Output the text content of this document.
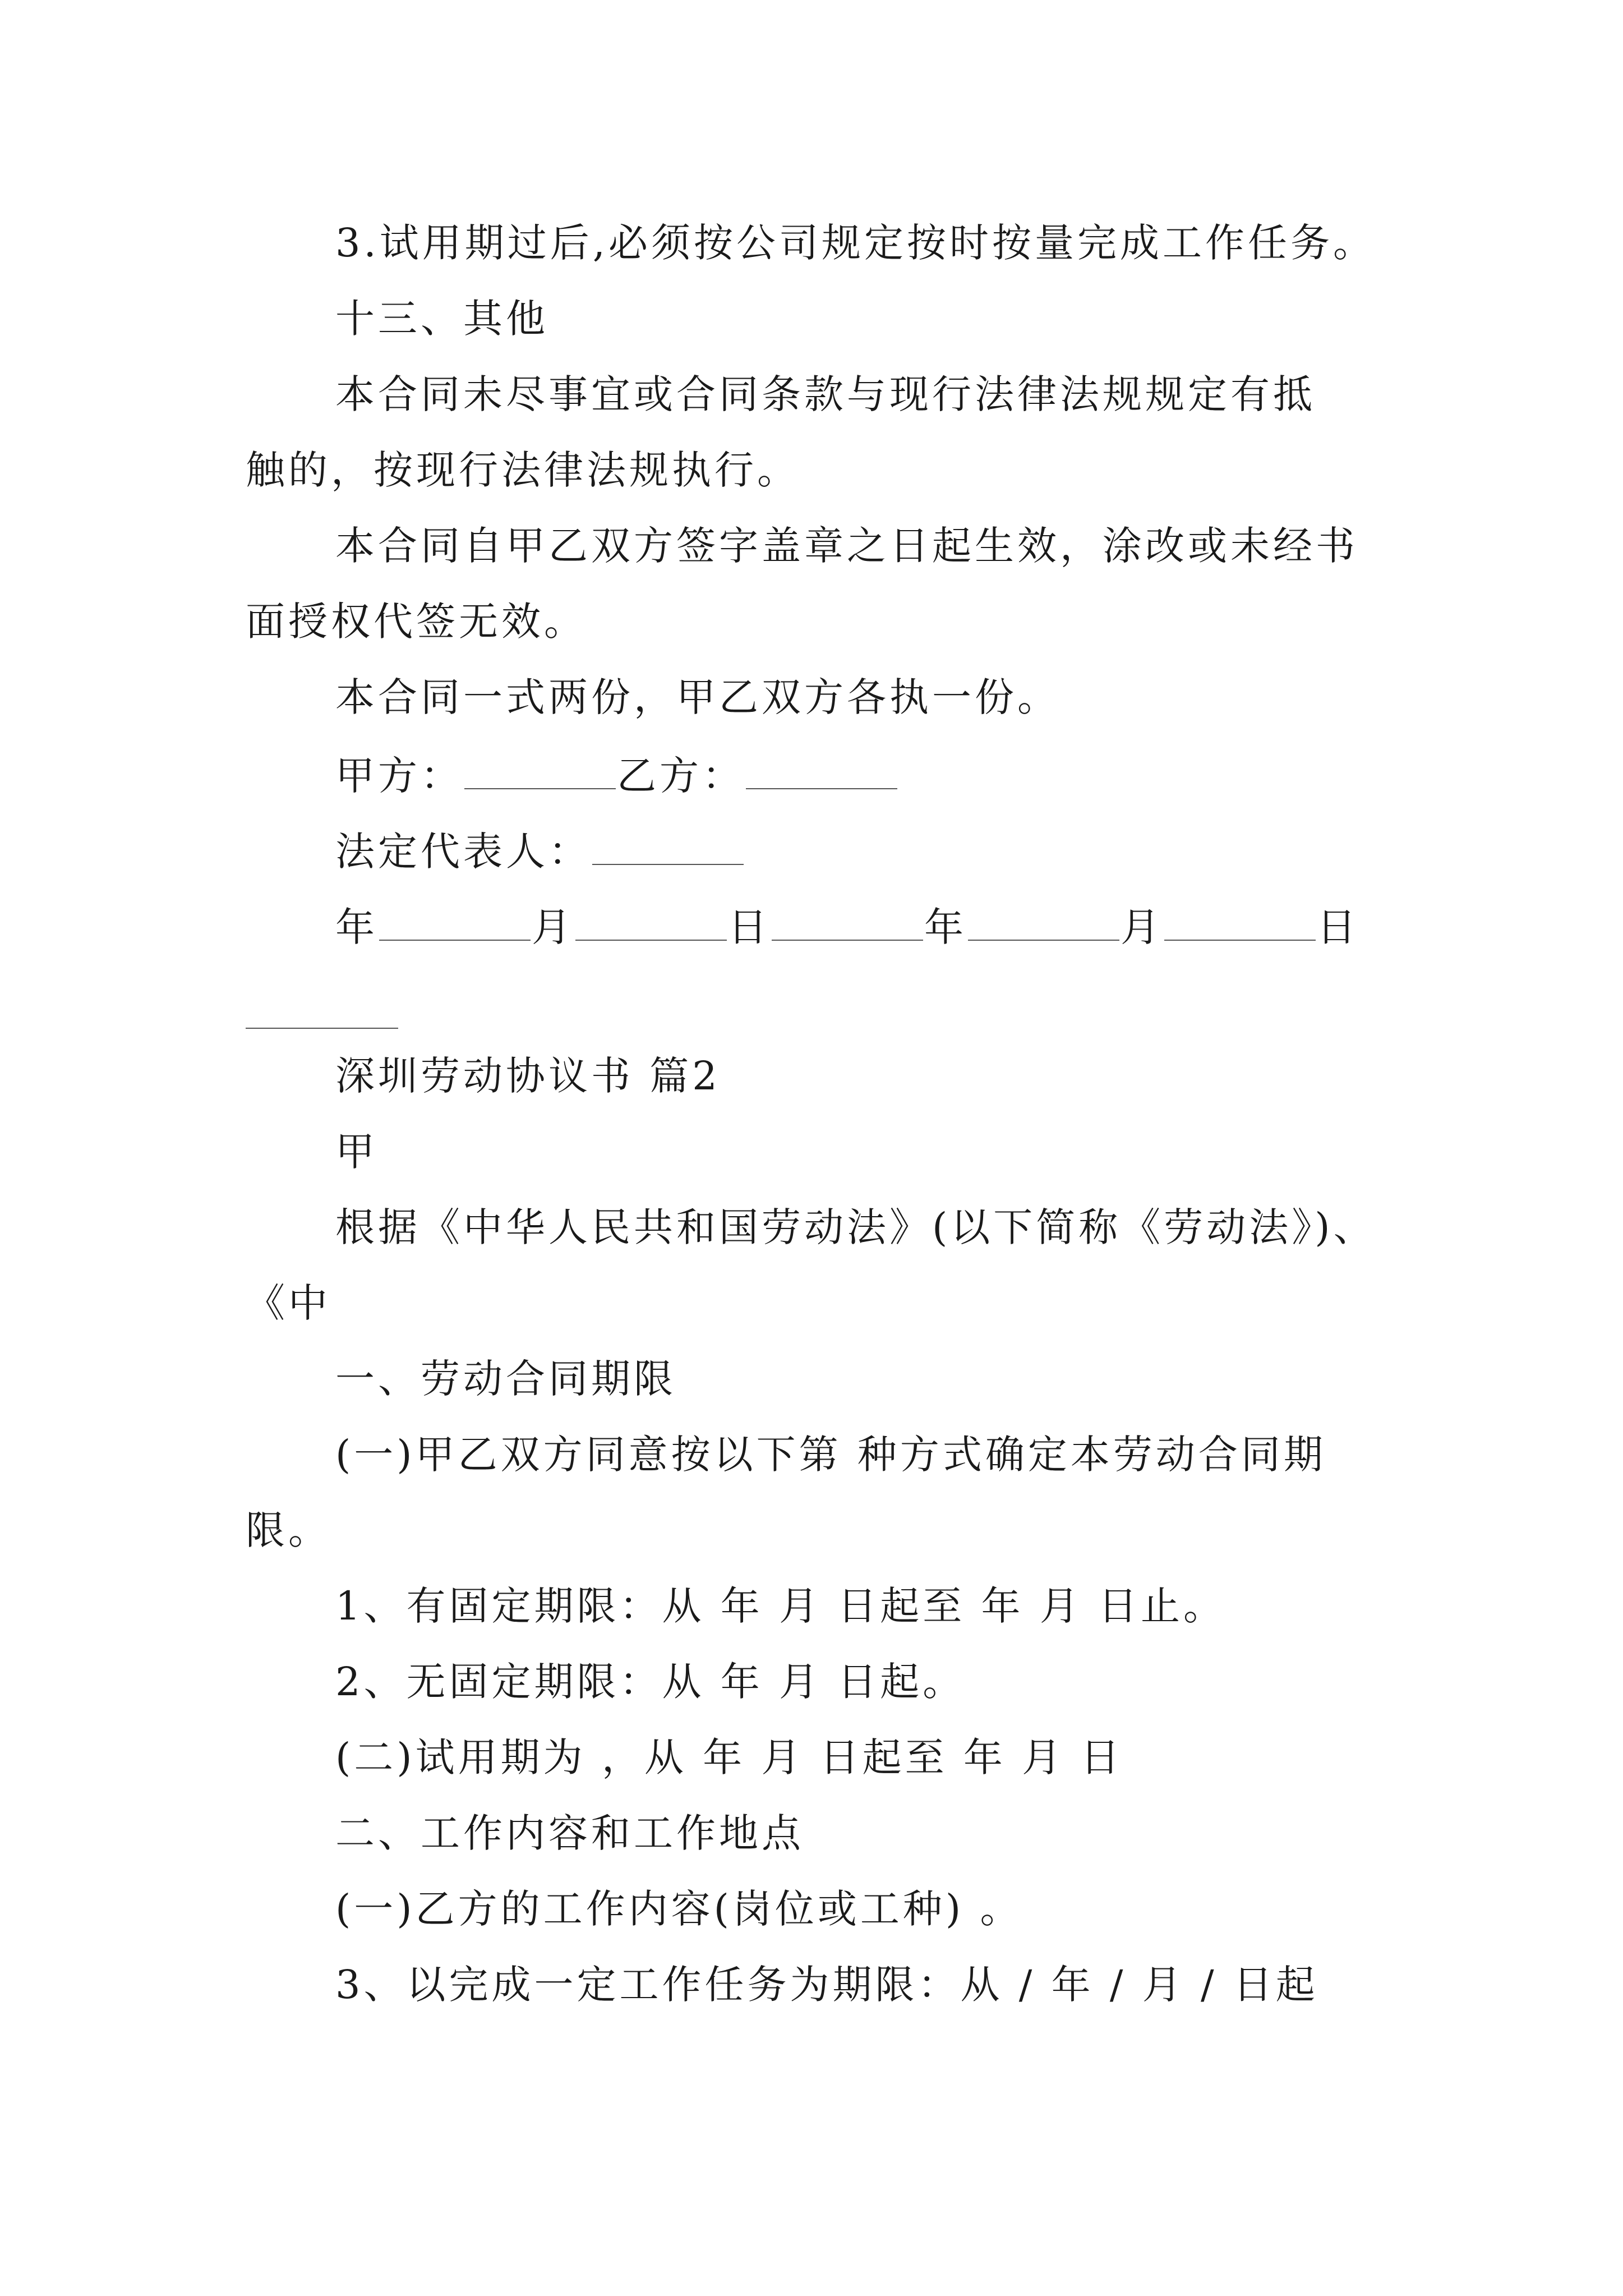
3.试用期过后,必须按公司规定按时按量完成工作任务。
十三、其他
本合同未尽事宜或合同条款与现行法律法规规定有抵
触的，按现行法律法规执行。
本合同自甲乙双方签字盖章之日起生效，涂改或未经书
面授权代签无效。
本合同一式两份，甲乙双方各执一份。
甲方：	乙方：
法定代表人：
年	月	日	年	月	日
深圳劳动协议书 篇2
甲
根据《中华人民共和国劳动法》(以下简称《劳动法》)、
《中
一、劳动合同期限
(一)甲乙双方同意按以下第 种方式确定本劳动合同期
限。
1、有固定期限：从 年 月 日起至 年 月 日止。
2、无固定期限：从 年 月 日起。
(二)试用期为 ，从 年 月 日起至 年 月 日
二、工作内容和工作地点
(一)乙方的工作内容(岗位或工种) 。
3、以完成一定工作任务为期限：从 / 年 / 月 / 日起
